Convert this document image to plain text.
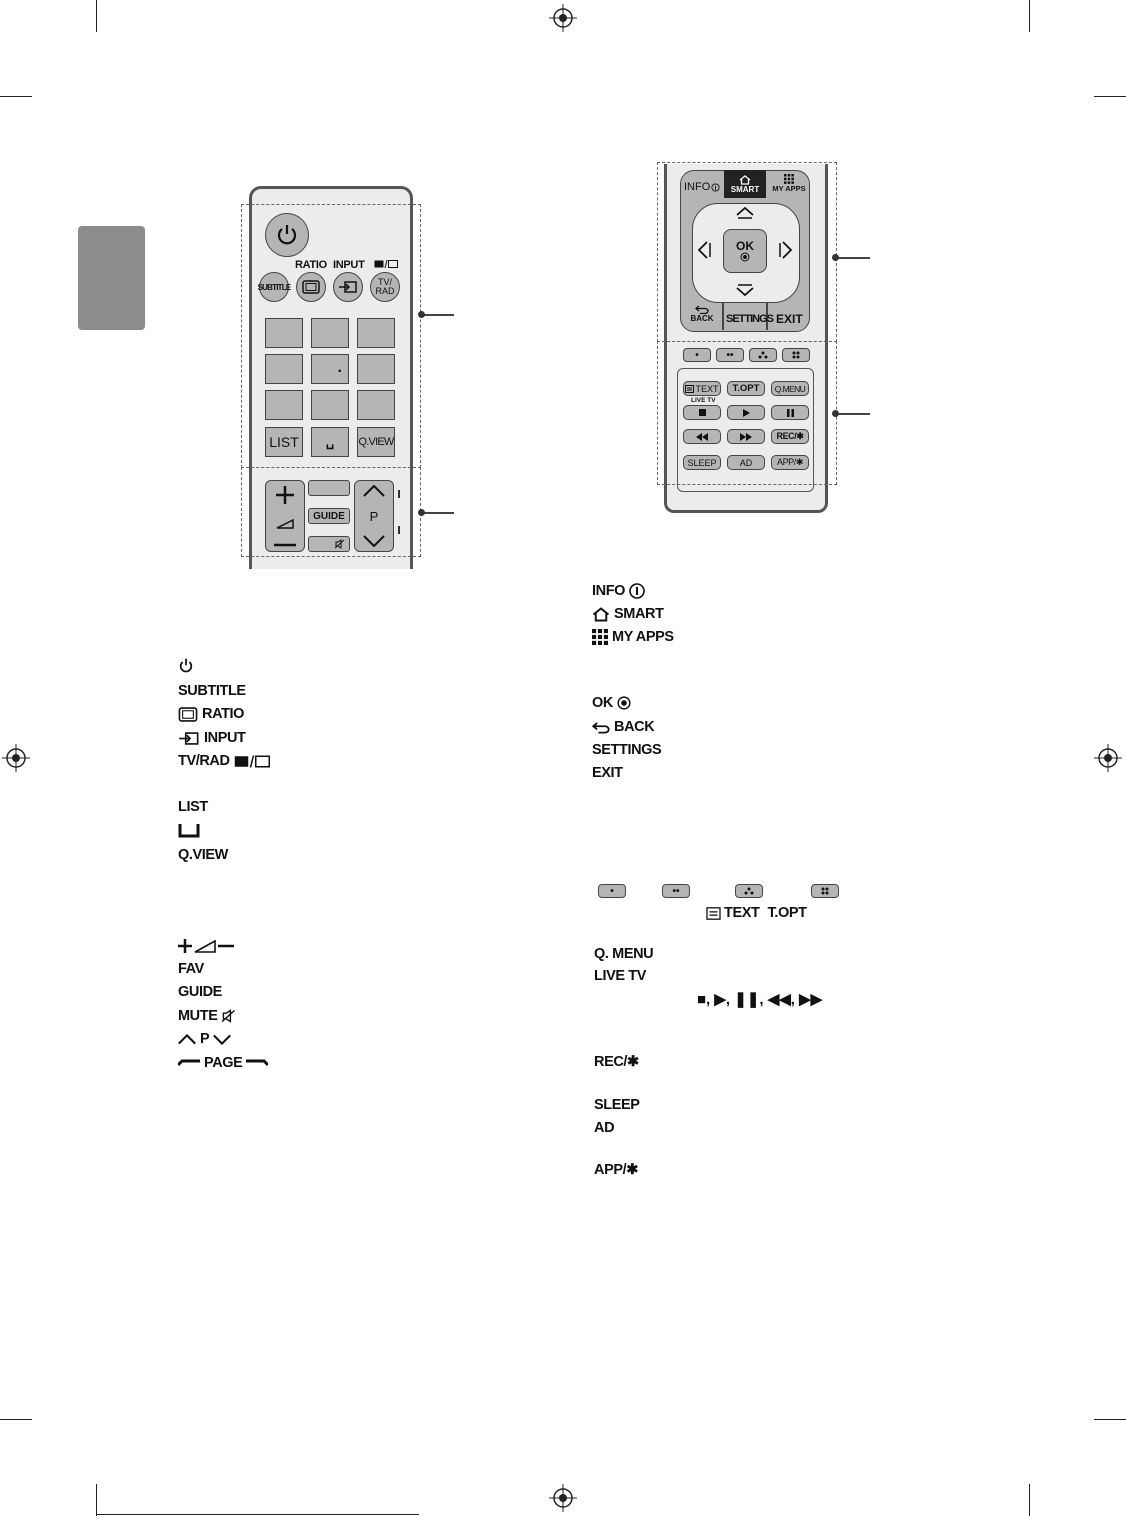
RATIO INPUT
SUBTITLE	TV/
RAD
.
LIST ␣ Q.VIEW
GUIDE P
INFO	SMART	MY APPS
OK
BACK	SETTINGS EXIT
•	••
TEXT T.OPT Q.MENU
LIVE TV
REC/✱
SLEEP	AD	APP/✱
SUBTITLE
RATIO
INPUT
TV/RAD
LIST
Q.VIEW
FAV
GUIDE
MUTE
P
PAGE
INFO
SMART
MY APPS
OK
BACK
SETTINGS
EXIT
•	••
TEXT T.OPT
Q. MENU
LIVE TV
■, ▶, ❚❚, ◀◀, ▶▶
REC/✱
SLEEP
AD
APP/✱
